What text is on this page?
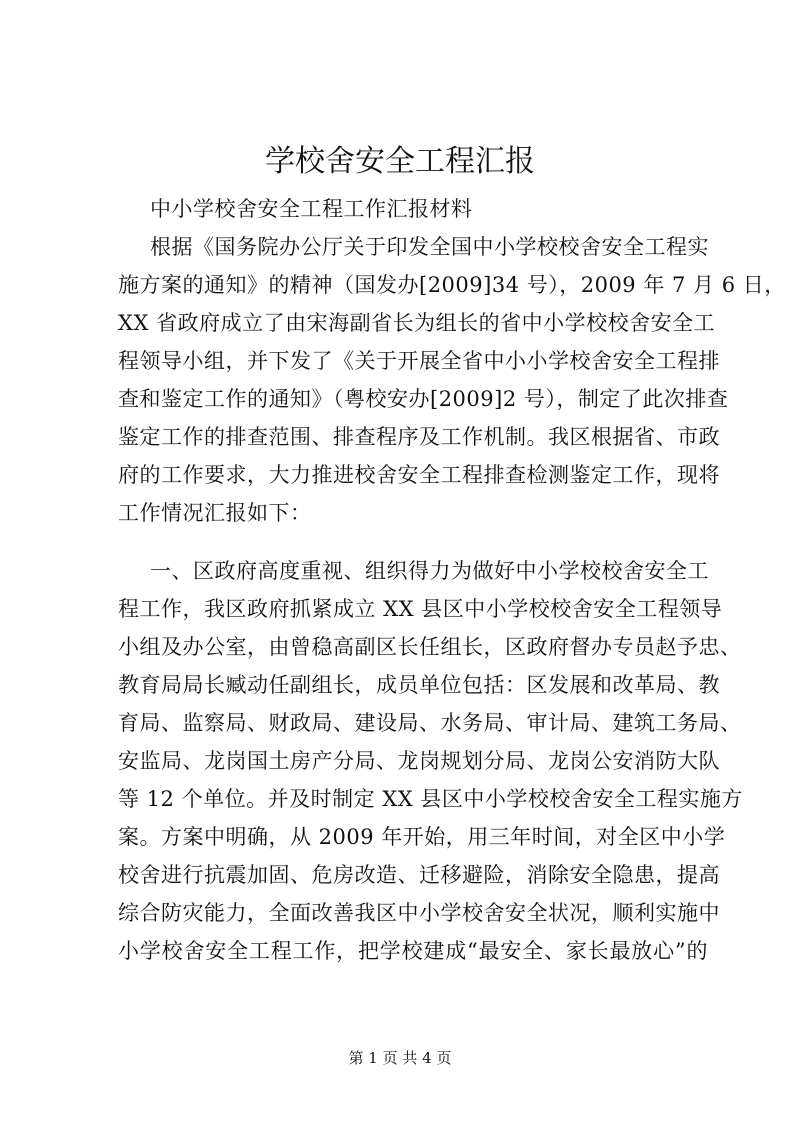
学校舍安全工程汇报

中小学校舍安全工程工作汇报材料

根据《国务院办公厅关于印发全国中小学校校舍安全工程实

施方案的通知》的精神（国发办[2009]34 号），2009 年 7 月 6 日，

XX 省政府成立了由宋海副省长为组长的省中小学校校舍安全工

程领导小组，并下发了《关于开展全省中小小学校舍安全工程排

查和鉴定工作的通知》（粤校安办[2009]2 号），制定了此次排查

鉴定工作的排查范围、排查程序及工作机制。我区根据省、市政

府的工作要求，大力推进校舍安全工程排查检测鉴定工作，现将

工作情况汇报如下：

一、区政府高度重视、组织得力为做好中小学校校舍安全工

程工作，我区政府抓紧成立 XX 县区中小学校校舍安全工程领导

小组及办公室，由曾稳高副区长任组长，区政府督办专员赵予忠、

教育局局长臧动任副组长，成员单位包括：区发展和改革局、教

育局、监察局、财政局、建设局、水务局、审计局、建筑工务局、

安监局、龙岗国土房产分局、龙岗规划分局、龙岗公安消防大队

等 12 个单位。并及时制定 XX 县区中小学校校舍安全工程实施方

案。方案中明确，从 2009 年开始，用三年时间，对全区中小学

校舍进行抗震加固、危房改造、迁移避险，消除安全隐患，提高

综合防灾能力，全面改善我区中小学校舍安全状况，顺利实施中

小学校舍安全工程工作，把学校建成“最安全、家长最放心”的

第 1 页 共 4 页
